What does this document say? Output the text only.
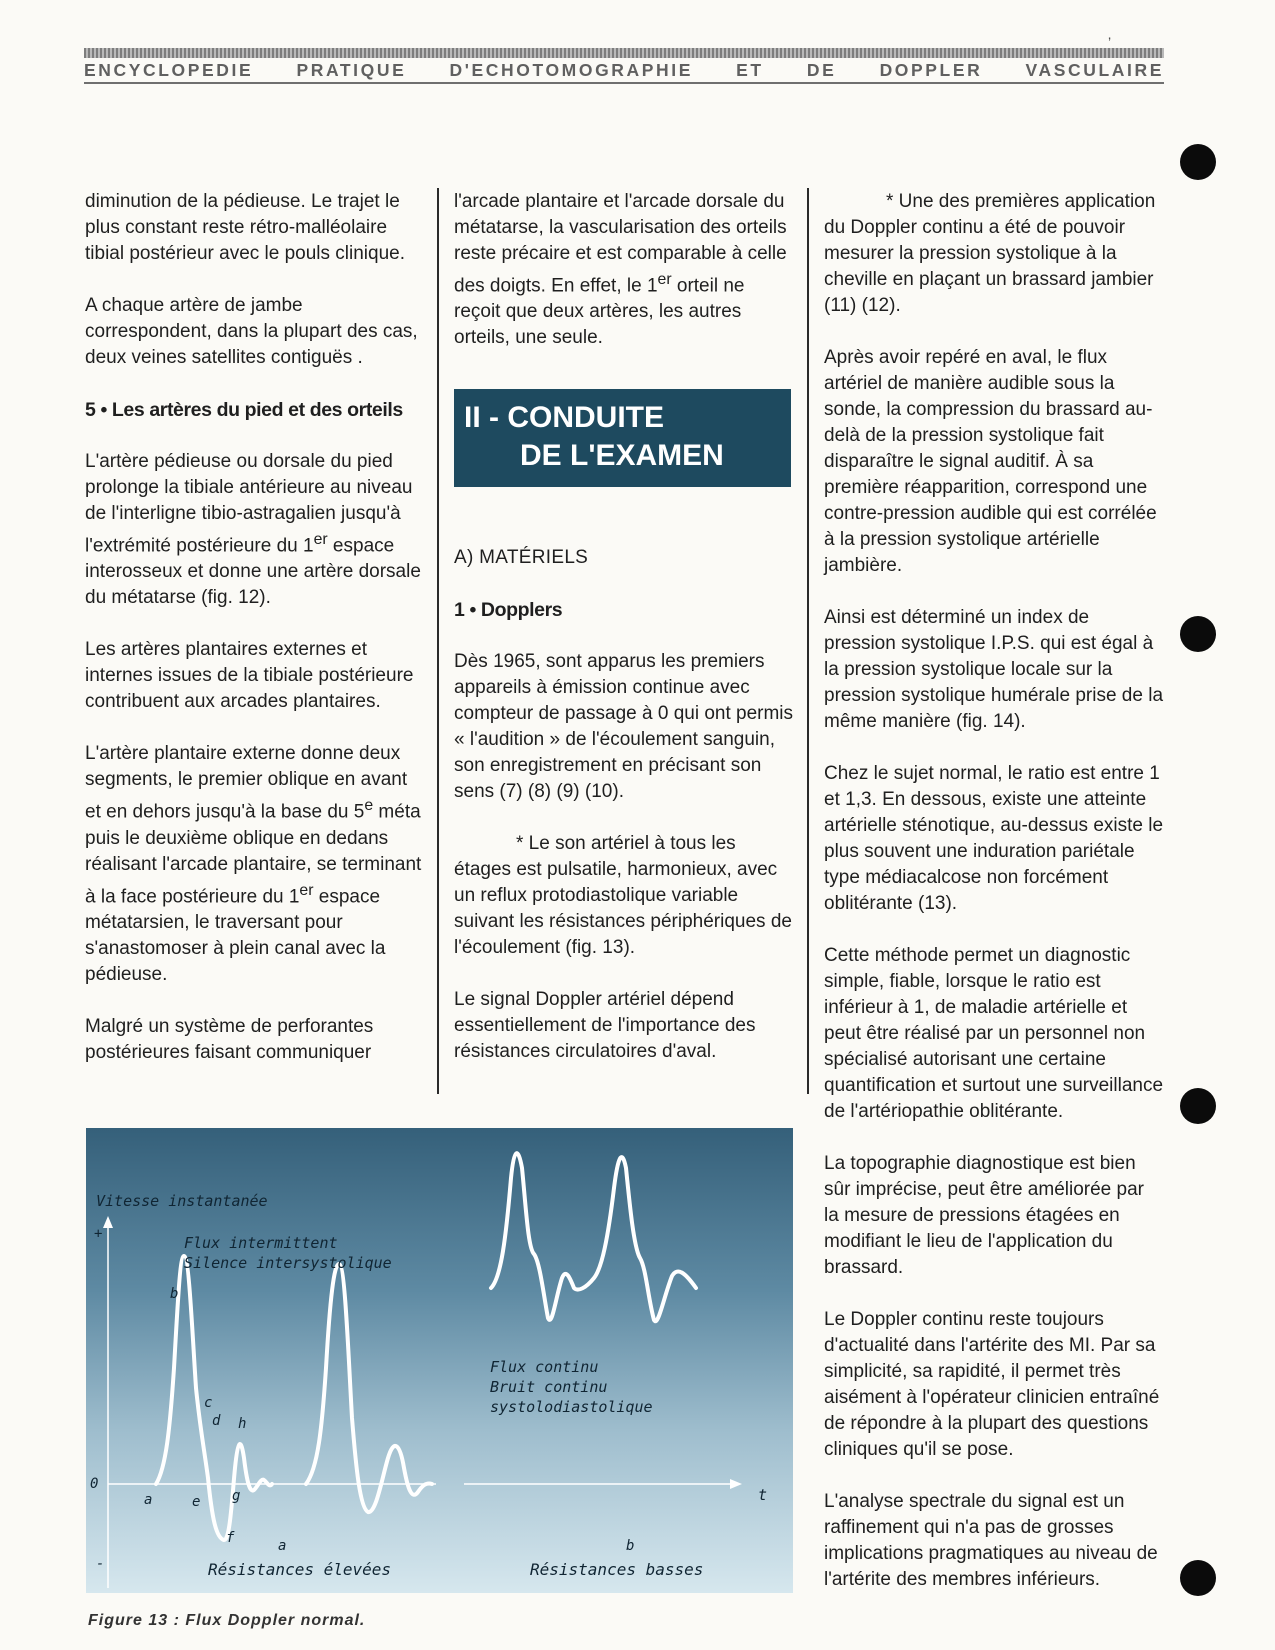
’
ENCYCLOPEDIE PRATIQUE D'ECHOTOMOGRAPHIE ET DE DOPPLER VASCULAIRE

diminution de la pédieuse. Le trajet le plus constant reste rétro-malléolaire tibial postérieur avec le pouls clinique.

A chaque artère de jambe correspondent, dans la plupart des cas, deux veines satellites contiguës .

5 • Les artères du pied et des orteils

L'artère pédieuse ou dorsale du pied prolonge la tibiale antérieure au niveau de l'interligne tibio-astragalien jusqu'à l'extrémité postérieure du 1er espace interosseux et donne une artère dorsale du métatarse (fig. 12).

Les artères plantaires externes et internes issues de la tibiale postérieure contribuent aux arcades plantaires.

L'artère plantaire externe donne deux segments, le premier oblique en avant et en dehors jusqu'à la base du 5e méta puis le deuxième oblique en dedans réalisant l'arcade plantaire, se terminant à la face postérieure du 1er espace métatarsien, le traversant pour s'anastomoser à plein canal avec la pédieuse.

Malgré un système de perforantes postérieures faisant communiquer

l'arcade plantaire et l'arcade dorsale du métatarse, la vascularisation des orteils reste précaire et est comparable à celle des doigts. En effet, le 1er orteil ne reçoit que deux artères, les autres orteils, une seule.

II - CONDUITE
DE L'EXAMEN

A) MATÉRIELS

1 • Dopplers

Dès 1965, sont apparus les premiers appareils à émission continue avec compteur de passage à 0 qui ont permis « l'audition » de l'écoulement sanguin, son enregistrement en précisant son sens (7) (8) (9) (10).

* Le son artériel à tous les étages est pulsatile, harmonieux, avec un reflux protodiastolique variable suivant les résistances périphériques de l'écoulement (fig. 13).

Le signal Doppler artériel dépend essentiellement de l'importance des résistances circulatoires d'aval.

* Une des premières application du Doppler continu a été de pouvoir mesurer la pression systolique à la cheville en plaçant un brassard jambier (11) (12).

Après avoir repéré en aval, le flux artériel de manière audible sous la sonde, la compression du brassard au-delà de la pression systolique fait disparaître le signal auditif. À sa première réapparition, correspond une contre-pression audible qui est corrélée à la pression systolique artérielle jambière.

Ainsi est déterminé un index de pression systolique I.P.S. qui est égal à la pression systolique locale sur la pression systolique humérale prise de la même manière (fig. 14).

Chez le sujet normal, le ratio est entre 1 et 1,3. En dessous, existe une atteinte artérielle sténotique, au-dessus existe le plus souvent une induration pariétale type médiacalcose non forcément oblitérante (13).

Cette méthode permet un diagnostic simple, fiable, lorsque le ratio est inférieur à 1, de maladie artérielle et peut être réalisé par un personnel non spécialisé autorisant une certaine quantification et surtout une surveillance de l'artériopathie oblitérante.

La topographie diagnostique est bien sûr imprécise, peut être améliorée par la mesure de pressions étagées en modifiant le lieu de l'application du brassard.

Le Doppler continu reste toujours d'actualité dans l'artérite des MI. Par sa simplicité, sa rapidité, il permet très aisément à l'opérateur clinicien entraîné de répondre à la plupart des questions cliniques qu'il se pose.

L'analyse spectrale du signal est un raffinement qui n'a pas de grosses implications pragmatiques au niveau de l'artérite des membres inférieurs.

Vitesse instantanée
+
0
-
Flux intermittent
Silence intersystolique
b
c
d h
a	e g
f	a
Résistances élevées
Flux continu
Bruit continu
systolodiastolique
t
b
Résistances basses
Figure 13 : Flux Doppler normal.
